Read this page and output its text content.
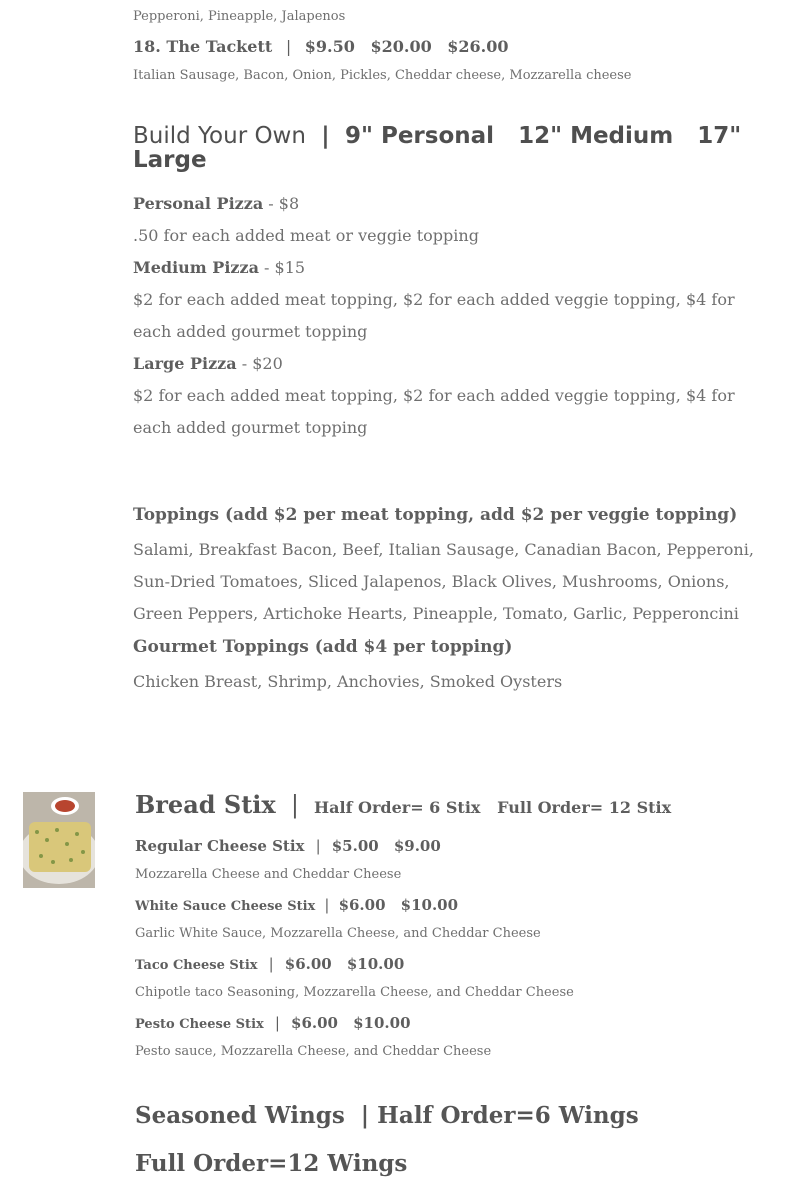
Pepperoni, Pineapple, Jalapenos
18. The Tackett | $9.50 $20.00 $26.00
Italian Sausage, Bacon, Onion, Pickles, Cheddar cheese, Mozzarella cheese
Build Your Own | 9" Personal   12" Medium   17" Large
Personal Pizza - $8
.50 for each added meat or veggie topping
Medium Pizza - $15
$2 for each added meat topping, $2 for each added veggie topping, $4 for each added gourmet topping
Large Pizza - $20
$2 for each added meat topping, $2 for each added veggie topping, $4 for each added gourmet topping
Toppings (add $2 per meat topping, add $2 per veggie topping)
Salami, Breakfast Bacon, Beef, Italian Sausage, Canadian Bacon, Pepperoni,
Sun-Dried Tomatoes, Sliced Jalapenos, Black Olives, Mushrooms, Onions,
Green Peppers, Artichoke Hearts, Pineapple, Tomato, Garlic, Pepperoncini
Gourmet Toppings (add $4 per topping)
Chicken Breast, Shrimp, Anchovies, Smoked Oysters
Bread Stix | Half Order= 6 Stix   Full Order= 12 Stix
Regular Cheese Stix | $5.00 $9.00
Mozzarella Cheese and Cheddar Cheese
White Sauce Cheese Stix | $6.00 $10.00
Garlic White Sauce, Mozzarella Cheese, and Cheddar Cheese
Taco Cheese Stix | $6.00 $10.00
Chipotle taco Seasoning, Mozzarella Cheese, and Cheddar Cheese
Pesto Cheese Stix | $6.00 $10.00
Pesto sauce, Mozzarella Cheese, and Cheddar Cheese
Seasoned Wings  | Half Order=6 Wings   Full Order=12 Wings
